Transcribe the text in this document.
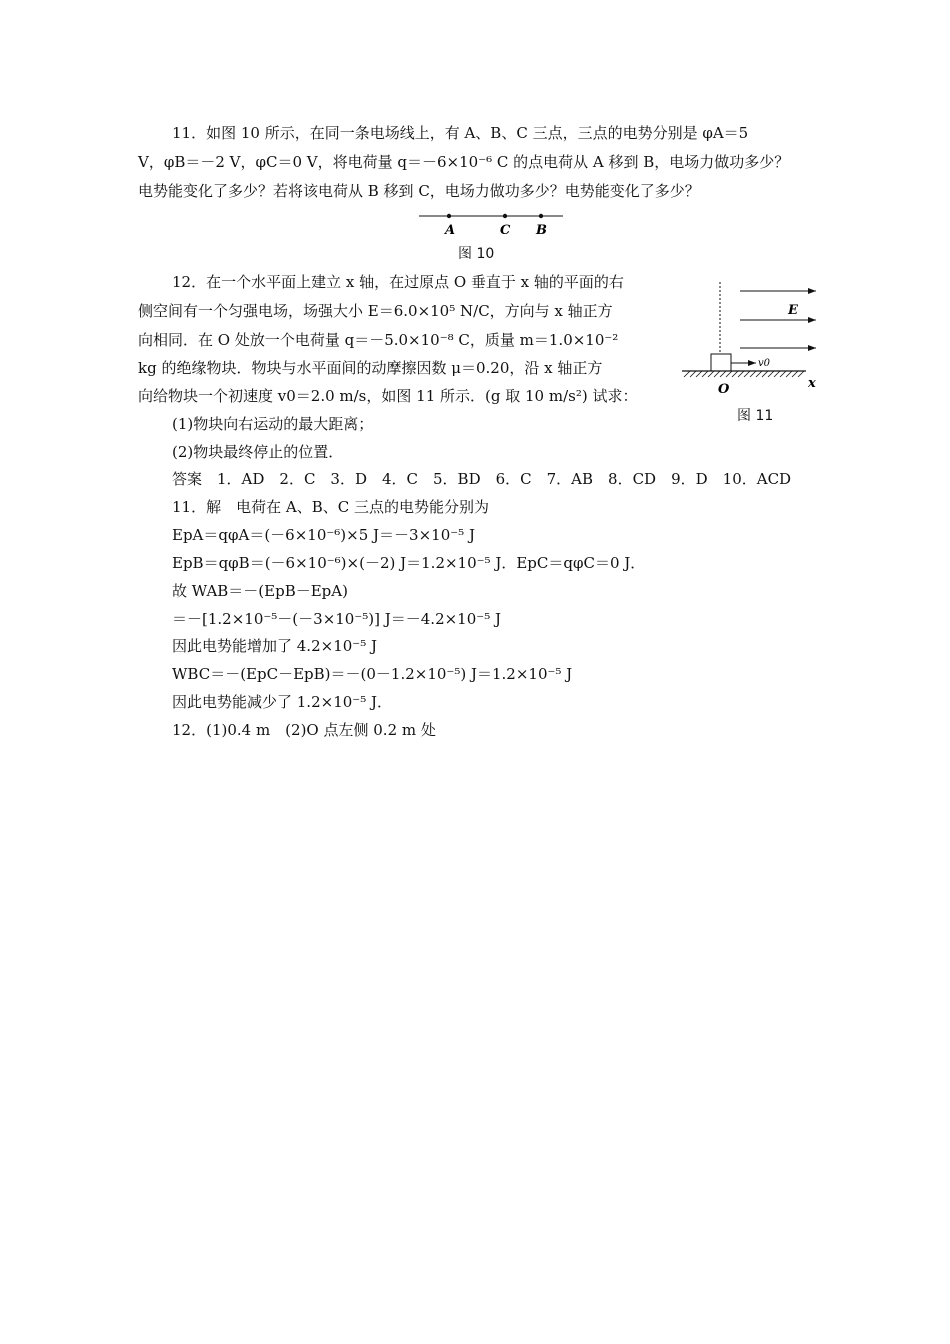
11．如图 10 所示，在同一条电场线上，有 A、B、C 三点，三点的电势分别是 φA＝5
V，φB＝－2 V，φC＝0 V，将电荷量 q＝－6×10⁻⁶ C 的点电荷从 A 移到 B，电场力做功多少？
电势能变化了多少？若将该电荷从 B 移到 C，电场力做功多少？电势能变化了多少？
A	C B
图 10
12．在一个水平面上建立 x 轴，在过原点 O 垂直于 x 轴的平面的右
侧空间有一个匀强电场，场强大小 E＝6.0×10⁵ N/C，方向与 x 轴正方
向相同．在 O 处放一个电荷量 q＝－5.0×10⁻⁸ C，质量 m＝1.0×10⁻²
kg 的绝缘物块．物块与水平面间的动摩擦因数 μ＝0.20，沿 x 轴正方
向给物块一个初速度 v0＝2.0 m/s，如图 11 所示．(g 取 10 m/s²) 试求：
(1)物块向右运动的最大距离；
(2)物块最终停止的位置．
E
v0
O	x
图 11
答案　1．AD　2．C　3．D　4．C　5．BD　6．C　7．AB　8．CD　9．D　10．ACD
11．解　电荷在 A、B、C 三点的电势能分别为
EpA＝qφA＝(－6×10⁻⁶)×5 J＝－3×10⁻⁵ J
EpB＝qφB＝(－6×10⁻⁶)×(－2) J＝1.2×10⁻⁵ J．EpC＝qφC＝0 J．
故 WAB＝－(EpB－EpA)
＝－[1.2×10⁻⁵－(－3×10⁻⁵)] J＝－4.2×10⁻⁵ J
因此电势能增加了 4.2×10⁻⁵ J
WBC＝－(EpC－EpB)＝－(0－1.2×10⁻⁵) J＝1.2×10⁻⁵ J
因此电势能减少了 1.2×10⁻⁵ J．
12．(1)0.4 m　(2)O 点左侧 0.2 m 处
